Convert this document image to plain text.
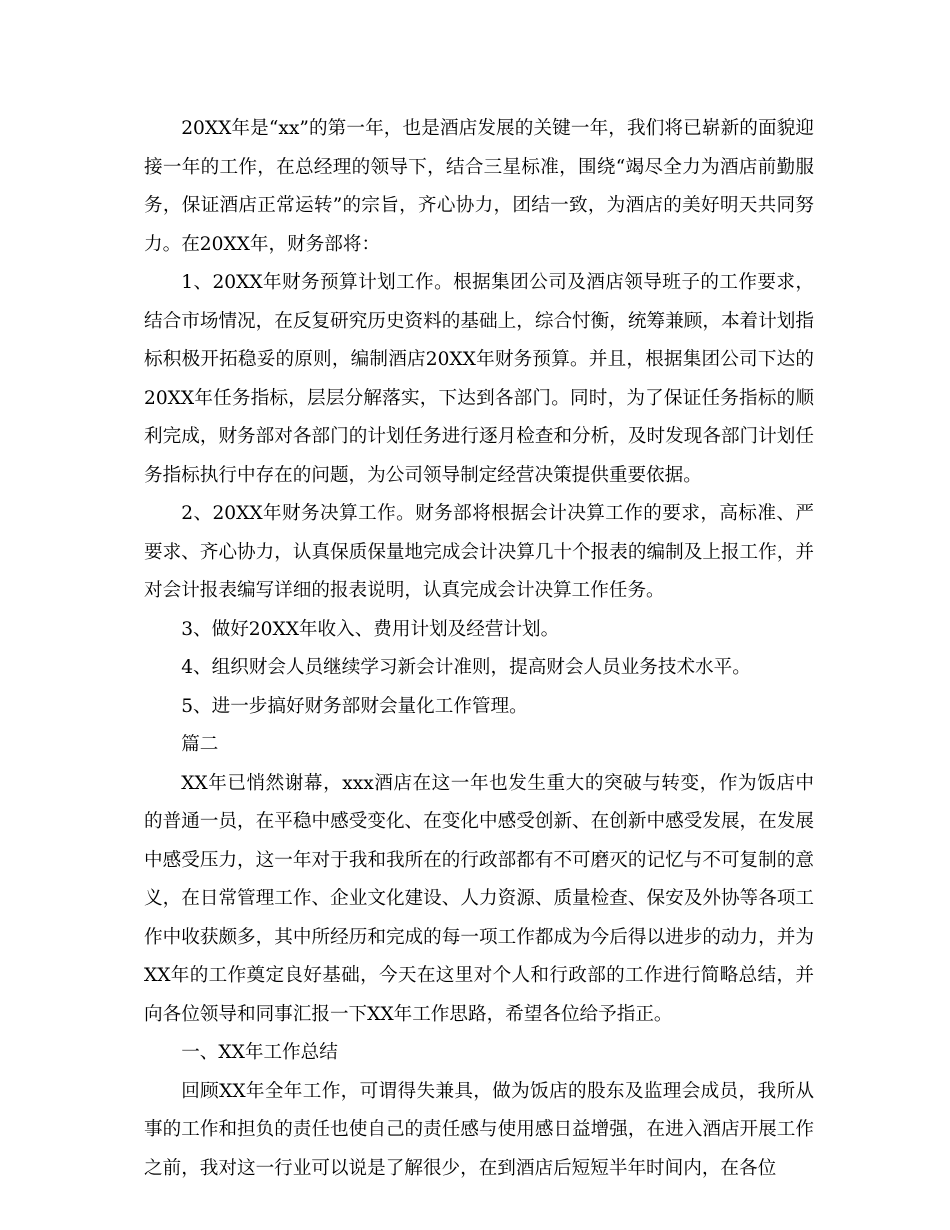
20XX年是“xx”的第一年，也是酒店发展的关键一年，我们将已崭新的面貌迎接一年的工作，在总经理的领导下，结合三星标准，围绕“竭尽全力为酒店前勤服务，保证酒店正常运转”的宗旨，齐心协力，团结一致，为酒店的美好明天共同努力。在20XX年，财务部将：

1、20XX年财务预算计划工作。根据集团公司及酒店领导班子的工作要求，结合市场情况，在反复研究历史资料的基础上，综合忖衡，统筹兼顾，本着计划指标积极开拓稳妥的原则，编制酒店20XX年财务预算。并且，根据集团公司下达的20XX年任务指标，层层分解落实，下达到各部门。同时，为了保证任务指标的顺利完成，财务部对各部门的计划任务进行逐月检查和分析，及时发现各部门计划任务指标执行中存在的问题，为公司领导制定经营决策提供重要依据。

2、20XX年财务决算工作。财务部将根据会计决算工作的要求，高标准、严要求、齐心协力，认真保质保量地完成会计决算几十个报表的编制及上报工作，并对会计报表编写详细的报表说明，认真完成会计决算工作任务。

3、做好20XX年收入、费用计划及经营计划。

4、组织财会人员继续学习新会计准则，提高财会人员业务技术水平。

5、进一步搞好财务部财会量化工作管理。

篇二

XX年已悄然谢幕，xxx酒店在这一年也发生重大的突破与转变，作为饭店中的普通一员，在平稳中感受变化、在变化中感受创新、在创新中感受发展，在发展中感受压力，这一年对于我和我所在的行政部都有不可磨灭的记忆与不可复制的意义，在日常管理工作、企业文化建设、人力资源、质量检查、保安及外协等各项工作中收获颇多，其中所经历和完成的每一项工作都成为今后得以进步的动力，并为XX年的工作奠定良好基础，今天在这里对个人和行政部的工作进行简略总结，并向各位领导和同事汇报一下XX年工作思路，希望各位给予指正。

一、XX年工作总结

回顾XX年全年工作，可谓得失兼具，做为饭店的股东及监理会成员，我所从事的工作和担负的责任也使自己的责任感与使用感日益增强，在进入酒店开展工作之前，我对这一行业可以说是了解很少，在到酒店后短短半年时间内，在各位
